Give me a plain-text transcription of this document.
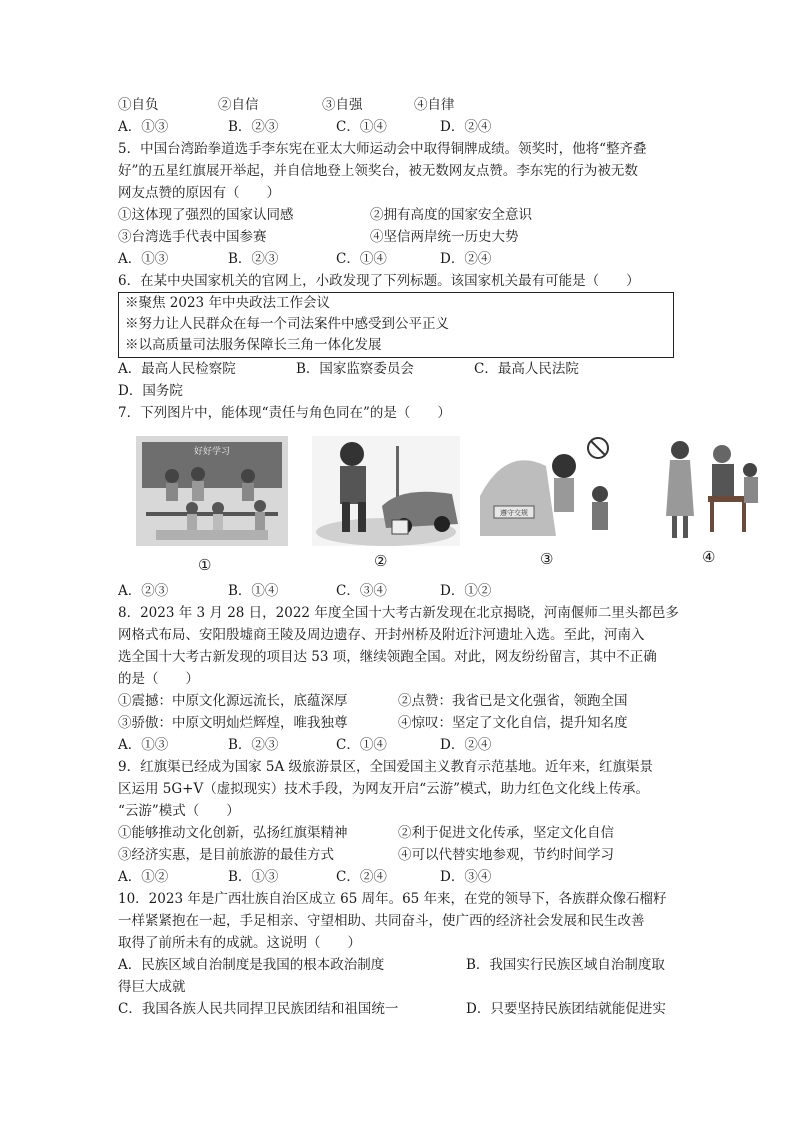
①自负	②自信	③自强	④自律
A．①③	B．②③	C．①④	D．②④
5．中国台湾跆拳道选手李东宪在亚太大师运动会中取得铜牌成绩。领奖时，他将“整齐叠
好”的五星红旗展开举起，并自信地登上领奖台，被无数网友点赞。李东宪的行为被无数
网友点赞的原因有（　　）
①这体现了强烈的国家认同感	②拥有高度的国家安全意识
③台湾选手代表中国参赛	④坚信两岸统一历史大势
A．①③	B．②③	C．①④	D．②④
6．在某中央国家机关的官网上，小政发现了下列标题。该国家机关最有可能是（　　）
※聚焦 2023 年中央政法工作会议
※努力让人民群众在每一个司法案件中感受到公平正义
※以高质量司法服务保障长三角一体化发展
A．最高人民检察院	B．国家监察委员会	C．最高人民法院
D．国务院
7．下列图片中，能体现“责任与角色同在”的是（　　）
好好学习
①	②
遵守交规
③	④
A．②③	B．①④	C．③④	D．①②
8．2023 年 3 月 28 日，2022 年度全国十大考古新发现在北京揭晓，河南偃师二里头都邑多
网格式布局、安阳殷墟商王陵及周边遗存、开封州桥及附近汴河遗址入选。至此，河南入
选全国十大考古新发现的项目达 53 项，继续领跑全国。对此，网友纷纷留言，其中不正确
的是（　　）
①震撼：中原文化源远流长，底蕴深厚	②点赞：我省已是文化强省，领跑全国
③骄傲：中原文明灿烂辉煌，唯我独尊	④惊叹：坚定了文化自信，提升知名度
A．①③	B．②③	C．①④	D．②④
9．红旗渠已经成为国家 5A 级旅游景区，全国爱国主义教育示范基地。近年来，红旗渠景
区运用 5G+V（虚拟现实）技术手段，为网友开启“云游”模式，助力红色文化线上传承。
“云游”模式（　　）
①能够推动文化创新，弘扬红旗渠精神	②利于促进文化传承，坚定文化自信
③经济实惠，是目前旅游的最佳方式	④可以代替实地参观，节约时间学习
A．①②	B．①③	C．②④	D．③④
10．2023 年是广西壮族自治区成立 65 周年。65 年来，在党的领导下，各族群众像石榴籽
一样紧紧抱在一起，手足相亲、守望相助、共同奋斗，使广西的经济社会发展和民生改善
取得了前所未有的成就。这说明（　　）
A．民族区域自治制度是我国的根本政治制度	B．我国实行民族区域自治制度取
得巨大成就
C．我国各族人民共同捍卫民族团结和祖国统一	D．只要坚持民族团结就能促进实
